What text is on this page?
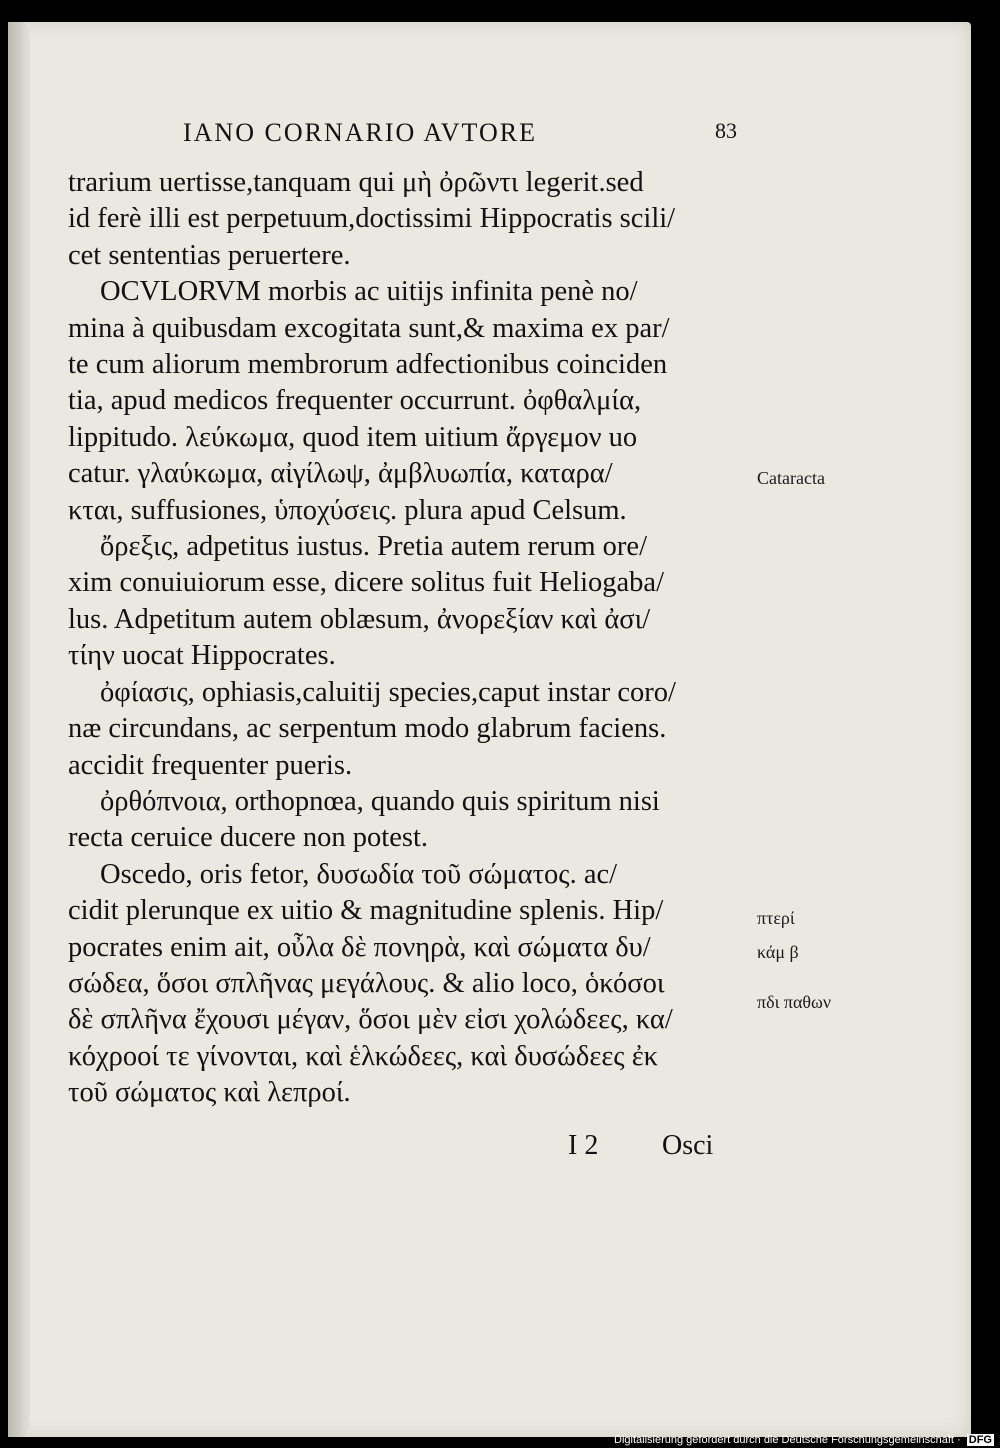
IANO CORNARIO AVTORE	83
trarium uertisse,tanquam qui μὴ ὀρῶντι legerit.sed
id ferè illi est perpetuum,doctissimi Hippocratis scili/
cet sententias peruertere.
OCVLORVM morbis ac uitijs infinita penè no/
mina à quibusdam excogitata sunt,& maxima ex par/
te cum aliorum membrorum adfectionibus coinciden
tia, apud medicos frequenter occurrunt. ὀφθαλμία,
lippitudo. λεύκωμα, quod item uitium ἄργεμον uo
catur. γλαύκωμα, αἰγίλωψ, ἀμβλυωπία, καταρα/
κται, suffusiones, ὑποχύσεις. plura apud Celsum.
ὄρεξις, adpetitus iustus. Pretia autem rerum ore/
xim conuiuiorum esse, dicere solitus fuit Heliogaba/
lus. Adpetitum autem oblæsum, ἀνορεξίαν καὶ ἀσι/
τίην uocat Hippocrates.
ὀφίασις, ophiasis,caluitij species,caput instar coro/
næ circundans, ac serpentum modo glabrum faciens.
accidit frequenter pueris.
ὀρθόπνοια, orthopnœa, quando quis spiritum nisi
recta ceruice ducere non potest.
Oscedo, oris fetor, δυσωδία τοῦ σώματος. ac/
cidit plerunque ex uitio & magnitudine splenis. Hip/
pocrates enim ait, οὖλα δὲ πονηρὰ, καὶ σώματα δυ/
σώδεα, ὅσοι σπλῆνας μεγάλους. & alio loco, ὁκόσοι
δὲ σπλῆνα ἔχουσι μέγαν, ὅσοι μὲν εἰσι χολώδεες, κα/
κόχροοί τε γίνονται, καὶ ἑλκώδεες, καὶ δυσώδεες ἐκ
τοῦ σώματος καὶ λεπροί.
Cataracta
πτερί
κάμ β
πδι παθων
I 2 Osci
Digitalisierung gefördert durch die Deutsche Forschungsgemeinschaft · DFG
